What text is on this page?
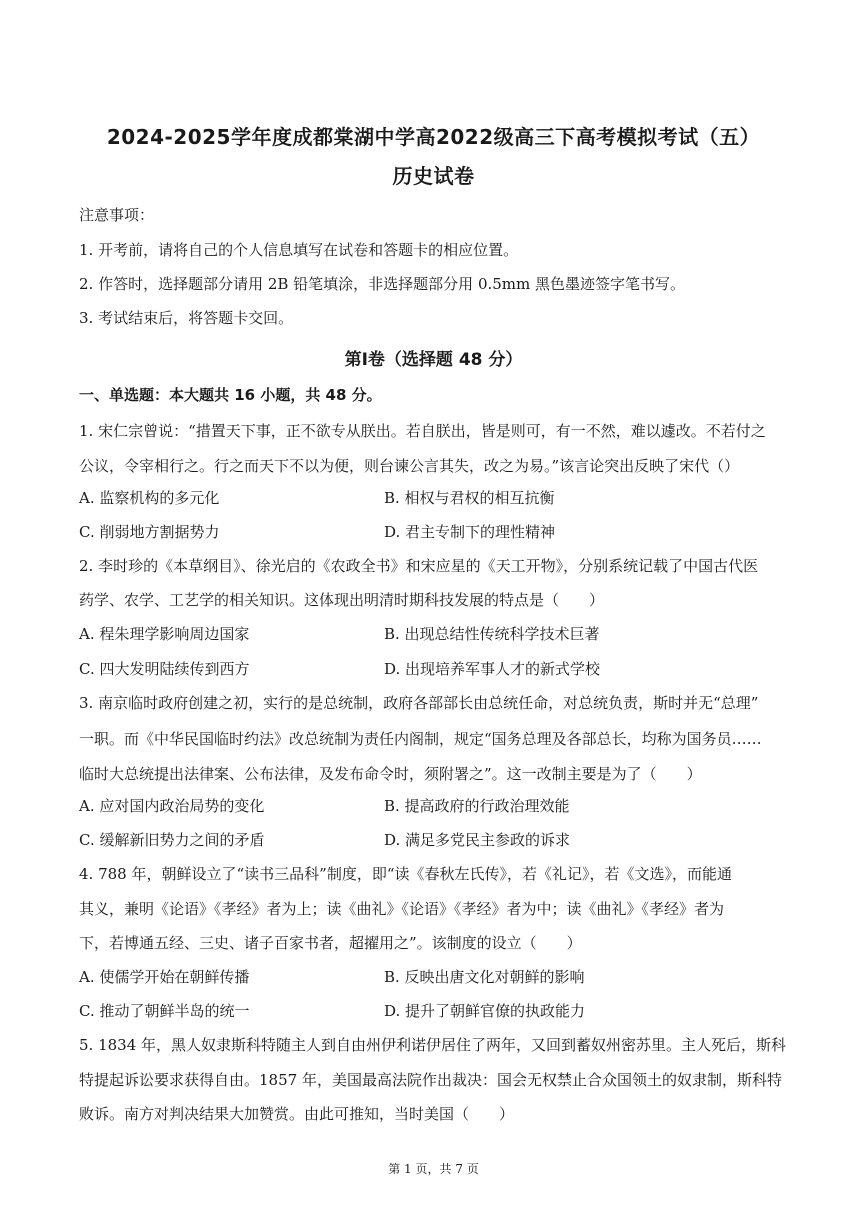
2024-2025学年度成都棠湖中学高2022级高三下高考模拟考试（五）
历史试卷
注意事项：
1. 开考前，请将自己的个人信息填写在试卷和答题卡的相应位置。
2. 作答时，选择题部分请用 2B 铅笔填涂，非选择题部分用 0.5mm 黑色墨迹签字笔书写。
3. 考试结束后，将答题卡交回。
第Ⅰ卷（选择题 48 分）
一、单选题：本大题共 16 小题，共 48 分。
1. 宋仁宗曾说：“措置天下事，正不欲专从朕出。若自朕出，皆是则可，有一不然，难以遽改。不若付之
公议，令宰相行之。行之而天下不以为便，则台谏公言其失，改之为易。”该言论突出反映了宋代（）
A. 监察机构的多元化	B. 相权与君权的相互抗衡
C. 削弱地方割据势力	D. 君主专制下的理性精神
2. 李时珍的《本草纲目》、徐光启的《农政全书》和宋应星的《天工开物》，分别系统记载了中国古代医
药学、农学、工艺学的相关知识。这体现出明清时期科技发展的特点是（　　）
A. 程朱理学影响周边国家	B. 出现总结性传统科学技术巨著
C. 四大发明陆续传到西方	D. 出现培养军事人才的新式学校
3. 南京临时政府创建之初，实行的是总统制，政府各部部长由总统任命，对总统负责，斯时并无“总理”
一职。而《中华民国临时约法》改总统制为责任内阁制，规定“国务总理及各部总长，均称为国务员……
临时大总统提出法律案、公布法律，及发布命令时，须附署之”。这一改制主要是为了（　　）
A. 应对国内政治局势的变化	B. 提高政府的行政治理效能
C. 缓解新旧势力之间的矛盾	D. 满足多党民主参政的诉求
4. 788 年，朝鲜设立了“读书三品科”制度，即“读《春秋左氏传》，若《礼记》，若《文选》，而能通
其义，兼明《论语》《孝经》者为上；读《曲礼》《论语》《孝经》者为中；读《曲礼》《孝经》者为
下，若博通五经、三史、诸子百家书者，超擢用之”。该制度的设立（　　）
A. 使儒学开始在朝鲜传播	B. 反映出唐文化对朝鲜的影响
C. 推动了朝鲜半岛的统一	D. 提升了朝鲜官僚的执政能力
5. 1834 年，黑人奴隶斯科特随主人到自由州伊利诺伊居住了两年，又回到蓄奴州密苏里。主人死后，斯科
特提起诉讼要求获得自由。1857 年，美国最高法院作出裁决：国会无权禁止合众国领土的奴隶制，斯科特
败诉。南方对判决结果大加赞赏。由此可推知，当时美国（　　）
第 1 页，共 7 页
